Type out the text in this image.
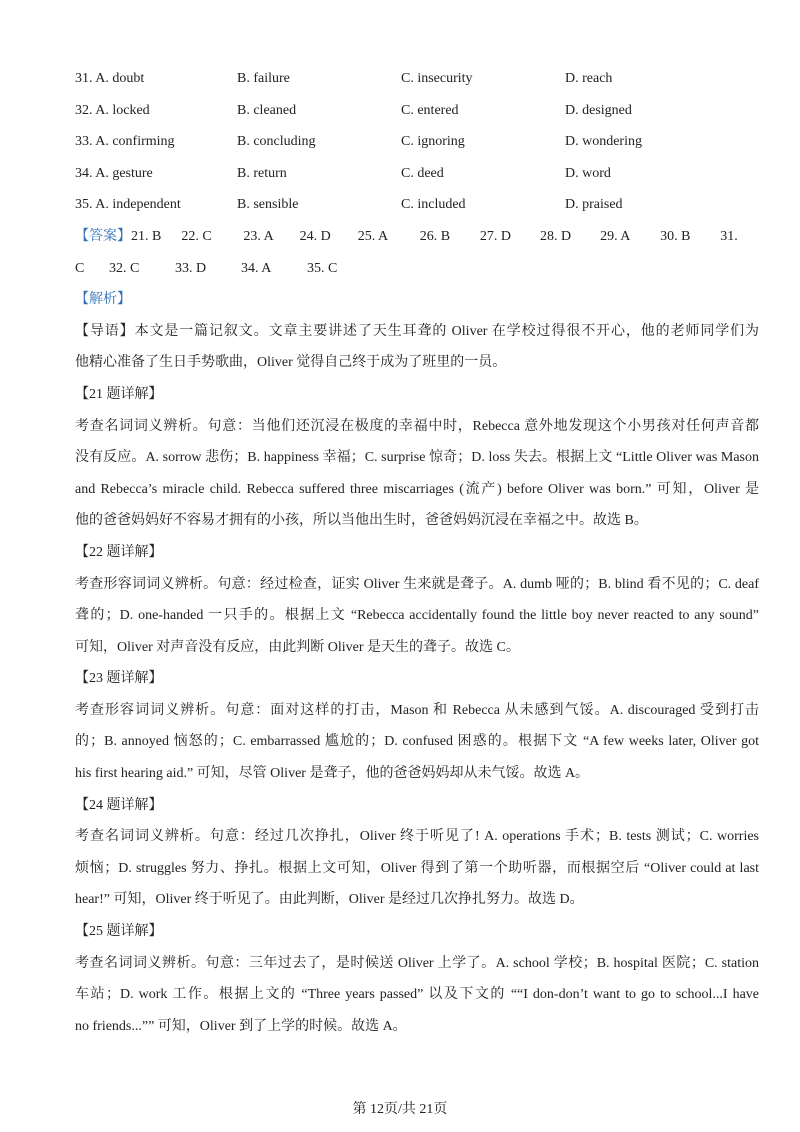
31. A. doubt	B. failure	C. insecurity	D. reach
32. A. locked	B. cleaned	C. entered	D. designed
33. A. confirming	B. concluding	C. ignoring	D. wondering
34. A. gesture	B. return	C. deed	D. word
35. A. independent	B. sensible	C. included	D. praised
【答案】 21. B	22. C	23. A	24. D	25. A	26. B	27. D	28. D	29. A	30. B	31.
C	32. C	33. D	34. A	35. C
【解析】
【导语】本文是一篇记叙文。文章主要讲述了天生耳聋的 Oliver 在学校过得很不开心，他的老师同学们为
他精心准备了生日手势歌曲，Oliver 觉得自己终于成为了班里的一员。
【21 题详解】
考查名词词义辨析。句意：当他们还沉浸在极度的幸福中时，Rebecca 意外地发现这个小男孩对任何声音都
没有反应。A. sorrow 悲伤；B. happiness 幸福；C. surprise 惊奇；D. loss 失去。根据上文 “Little Oliver was Mason
and Rebecca’s miracle child. Rebecca suffered three miscarriages (流产) before Oliver was born.” 可知，Oliver 是
他的爸爸妈妈好不容易才拥有的小孩，所以当他出生时，爸爸妈妈沉浸在幸福之中。故选 B。
【22 题详解】
考查形容词词义辨析。句意：经过检查，证实 Oliver 生来就是聋子。A. dumb 哑的；B. blind 看不见的；C. deaf
聋的；D. one-handed 一只手的。根据上文 “Rebecca accidentally found the little boy never reacted to any sound”
可知，Oliver 对声音没有反应，由此判断 Oliver 是天生的聋子。故选 C。
【23 题详解】
考查形容词词义辨析。句意：面对这样的打击，Mason 和 Rebecca 从未感到气馁。A. discouraged 受到打击
的；B. annoyed 恼怒的；C. embarrassed 尴尬的；D. confused 困惑的。根据下文 “A few weeks later, Oliver got
his first hearing aid.” 可知，尽管 Oliver 是聋子，他的爸爸妈妈却从未气馁。故选 A。
【24 题详解】
考查名词词义辨析。句意：经过几次挣扎，Oliver 终于听见了! A. operations 手术；B. tests 测试；C. worries
烦恼；D. struggles 努力、挣扎。根据上文可知，Oliver 得到了第一个助听器，而根据空后 “Oliver could at last
hear!” 可知，Oliver 终于听见了。由此判断，Oliver 是经过几次挣扎努力。故选 D。
【25 题详解】
考查名词词义辨析。句意：三年过去了，是时候送 Oliver 上学了。A. school 学校；B. hospital 医院；C. station
车站；D. work 工作。根据上文的 “Three years passed” 以及下文的 ““I don-don’t want to go to school...I have
no friends...”” 可知，Oliver 到了上学的时候。故选 A。
第 12页/共 21页
